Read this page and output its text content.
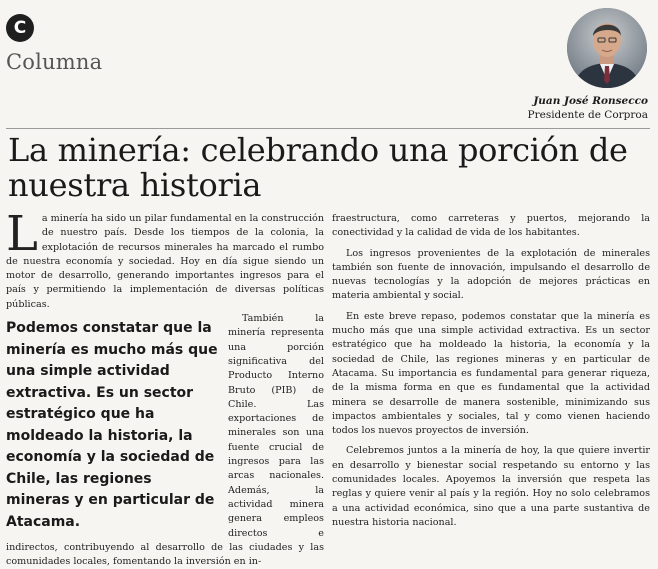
C
Columna
Juan José Ronsecco
Presidente de Corproa
La minería: celebrando una porción de nuestra historia

La minería ha sido un pilar fundamental en la construcción de nuestro país. Desde los tiempos de la colonia, la explotación de recursos minerales ha marcado el rumbo de nuestra economía y sociedad. Hoy en día sigue siendo un motor de desarrollo, generando importantes ingresos para el país y permitiendo la implementación de diversas políticas públicas.

Podemos constatar que la minería es mucho más que una simple actividad extractiva. Es un sector estratégico que ha moldeado la historia, la economía y la sociedad de Chile, las regiones mineras y en particular de Atacama.

También la minería representa una porción significativa del Producto Interno Bruto (PIB) de Chile. Las exportaciones de minerales son una fuente crucial de ingresos para las arcas nacionales. Además, la actividad minera genera empleos directos e indirectos, contribuyendo al desarrollo de las ciudades y las comunidades locales, fomentando la inversión en in-

fraestructura, como carreteras y puertos, mejorando la conectividad y la calidad de vida de los habitantes.

Los ingresos provenientes de la explotación de minerales también son fuente de innovación, impulsando el desarrollo de nuevas tecnologías y la adopción de mejores prácticas en materia ambiental y social.

En este breve repaso, podemos constatar que la minería es mucho más que una simple actividad extractiva. Es un sector estratégico que ha moldeado la historia, la economía y la sociedad de Chile, las regiones mineras y en particular de Atacama. Su importancia es fundamental para generar riqueza, de la misma forma en que es fundamental que la actividad minera se desarrolle de manera sostenible, minimizando sus impactos ambientales y sociales, tal y como vienen haciendo todos los nuevos proyectos de inversión.

Celebremos juntos a la minería de hoy, la que quiere invertir en desarrollo y bienestar social respetando su entorno y las comunidades locales. Apoyemos la inversión que respeta las reglas y quiere venir al país y la región. Hoy no solo celebramos a una actividad económica, sino que a una parte sustantiva de nuestra historia nacional.
